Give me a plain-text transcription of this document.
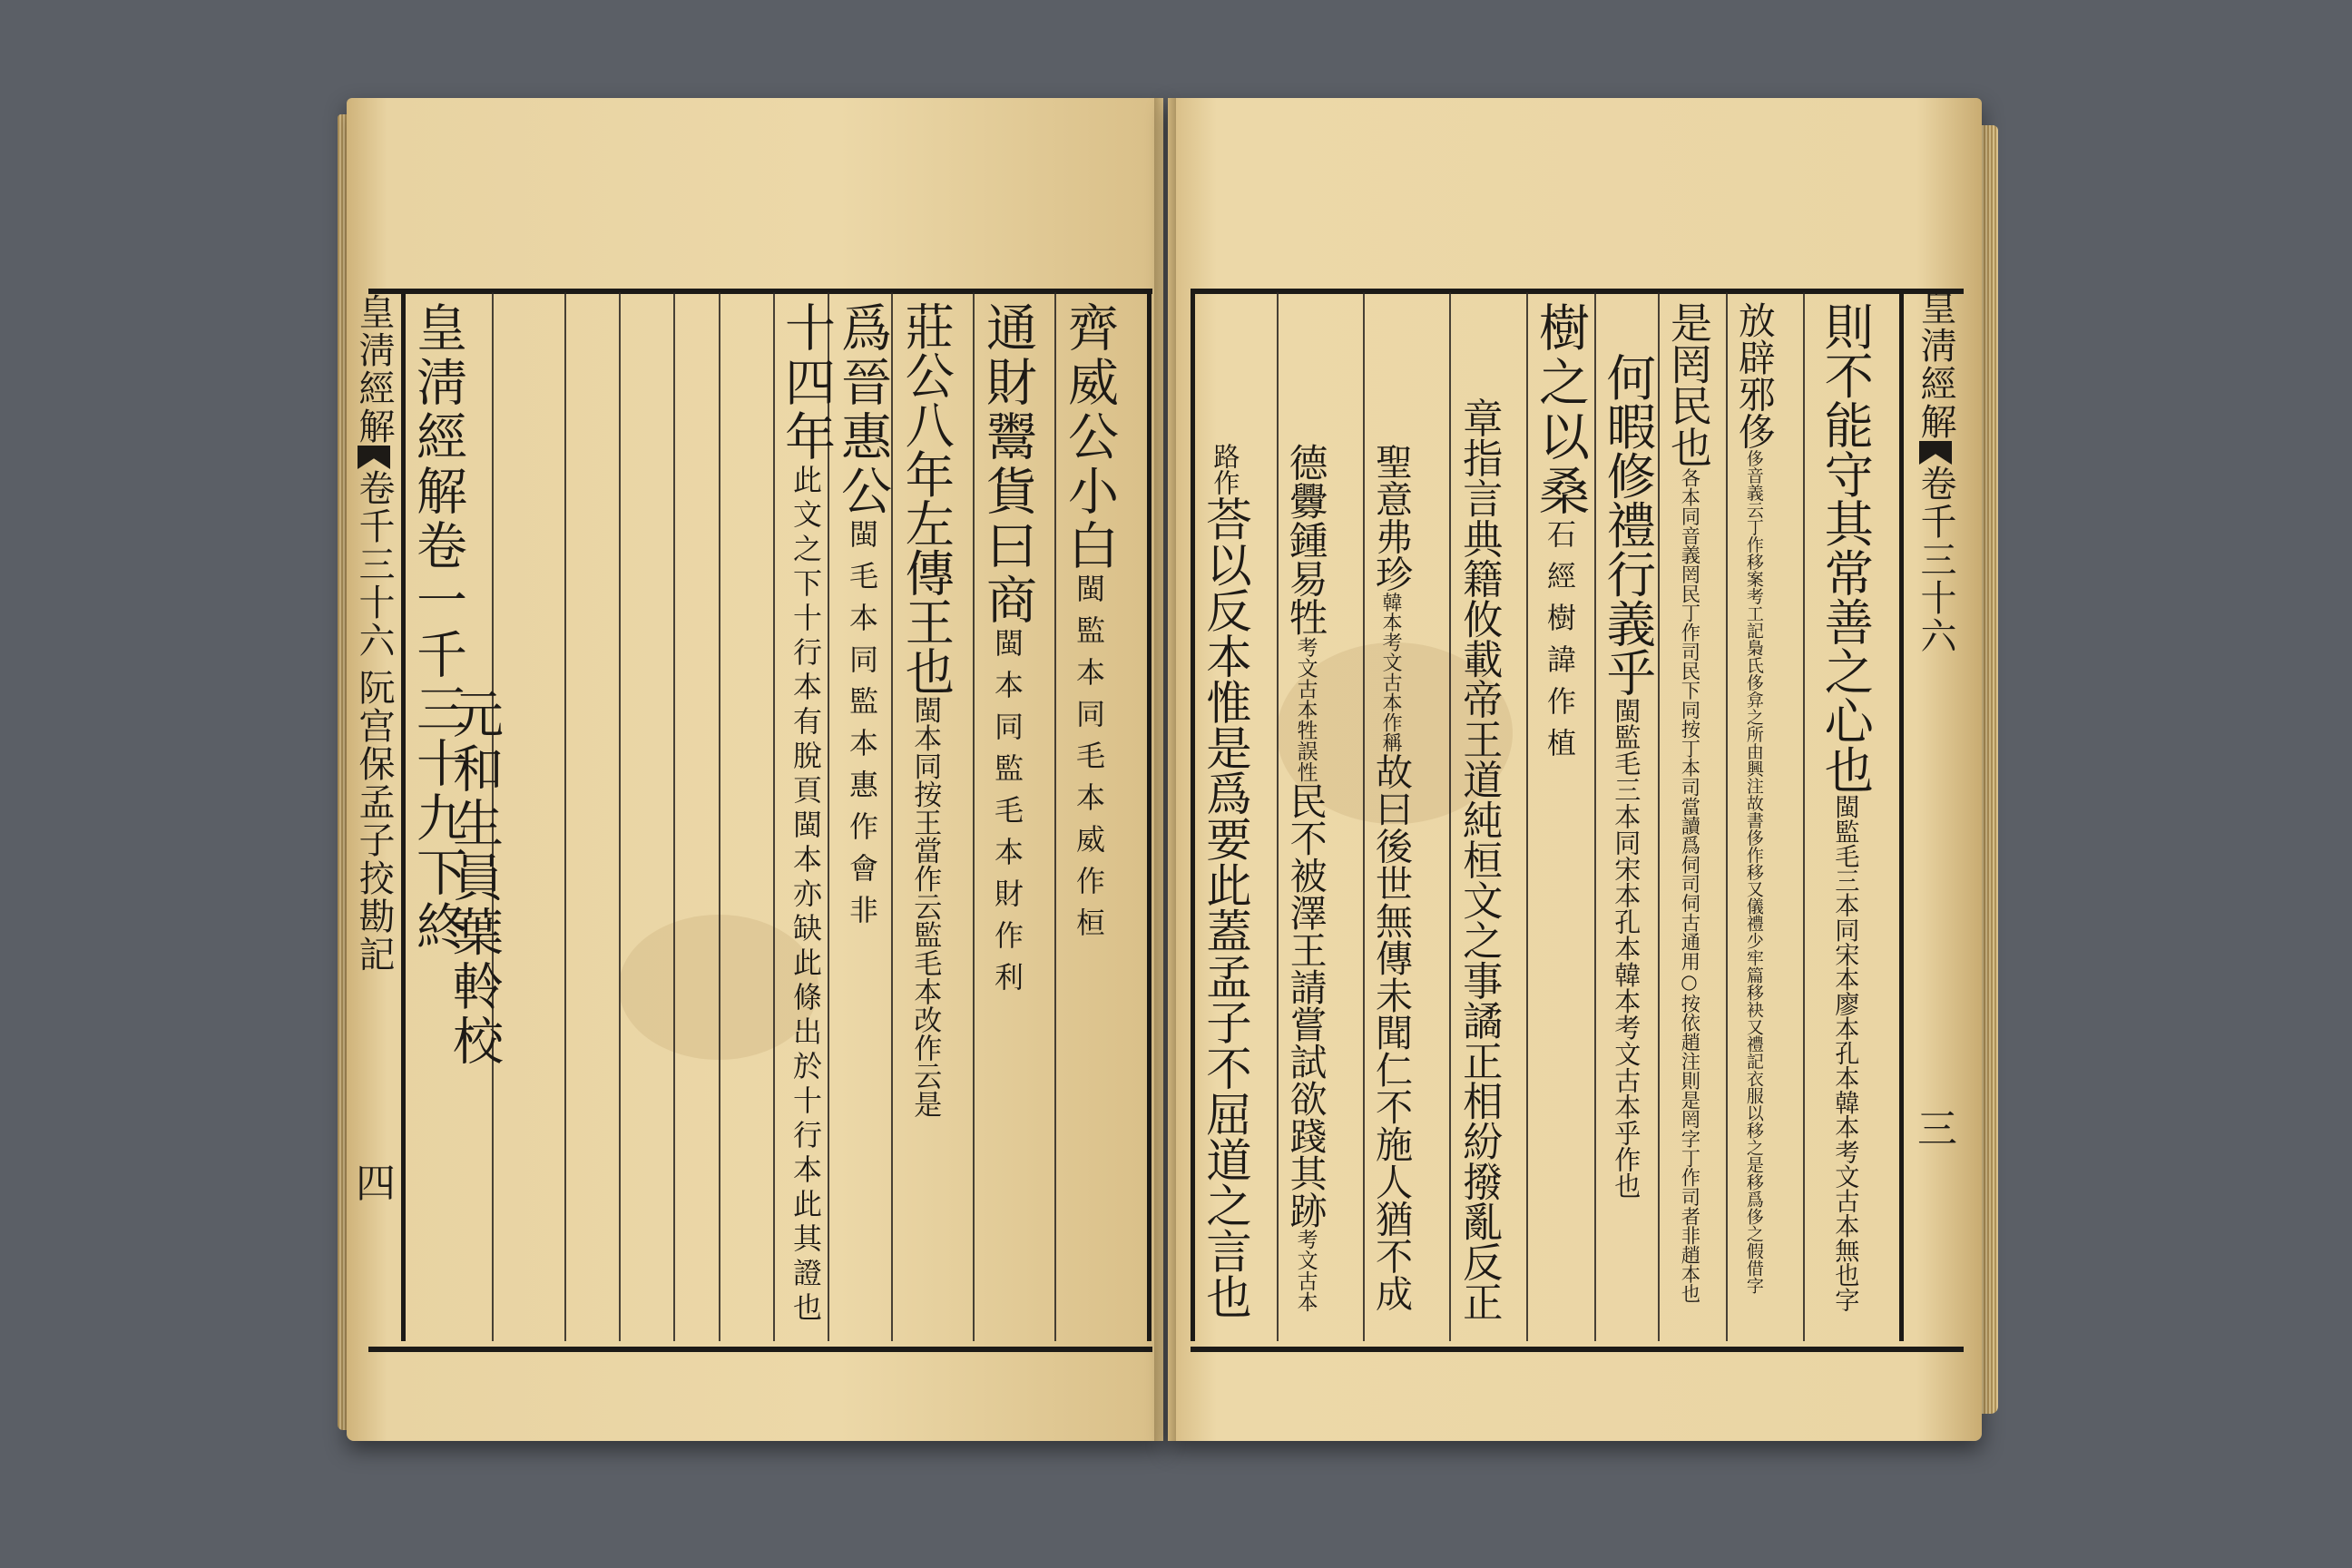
皇淸經解卷千三十六阮宫保孟子挍勘記
四
皇淸經解卷一千三十九下終
元和生員葉軨校
齊威公小白閩監本同毛本威作桓
通財鬻貨曰商閩本同監毛本財作利
莊公八年左傳王也閩本同按王當作云監毛本改作云是
爲晉惠公閩毛本同監本惠作會非
十四年此文之下十行本有脫頁閩本亦缺此條出於十行本此其證也
皇淸經解卷千三十六
三
則不能守其常善之心也閩監毛三本同宋本廖本孔本韓本考文古本無也字
放辟邪侈侈音義云丁作移案考工記梟氏侈弇之所由興注故書侈作移又儀禮少牢篇移袂又禮記衣服以移之是移爲侈之假借字
是罔民也各本同音義罔民丁作司民下同按丁本司當讀爲伺司伺古通用○按依趙注則是罔字丁作司者非趙本也
何暇修禮行義乎閩監毛三本同宋本孔本韓本考文古本乎作也
樹之以桑石經樹諱作植
章指言典籍攸載帝王道純桓文之事譎正相紛撥亂反正
聖意弗珍韓本考文古本作稱故曰後世無傳未聞仁不施人猶不成
德釁鍾易牲考文古本牲誤性民不被澤王請嘗試欲踐其跡考文古本
路作荅以反本惟是爲要此蓋孟子不屈道之言也
